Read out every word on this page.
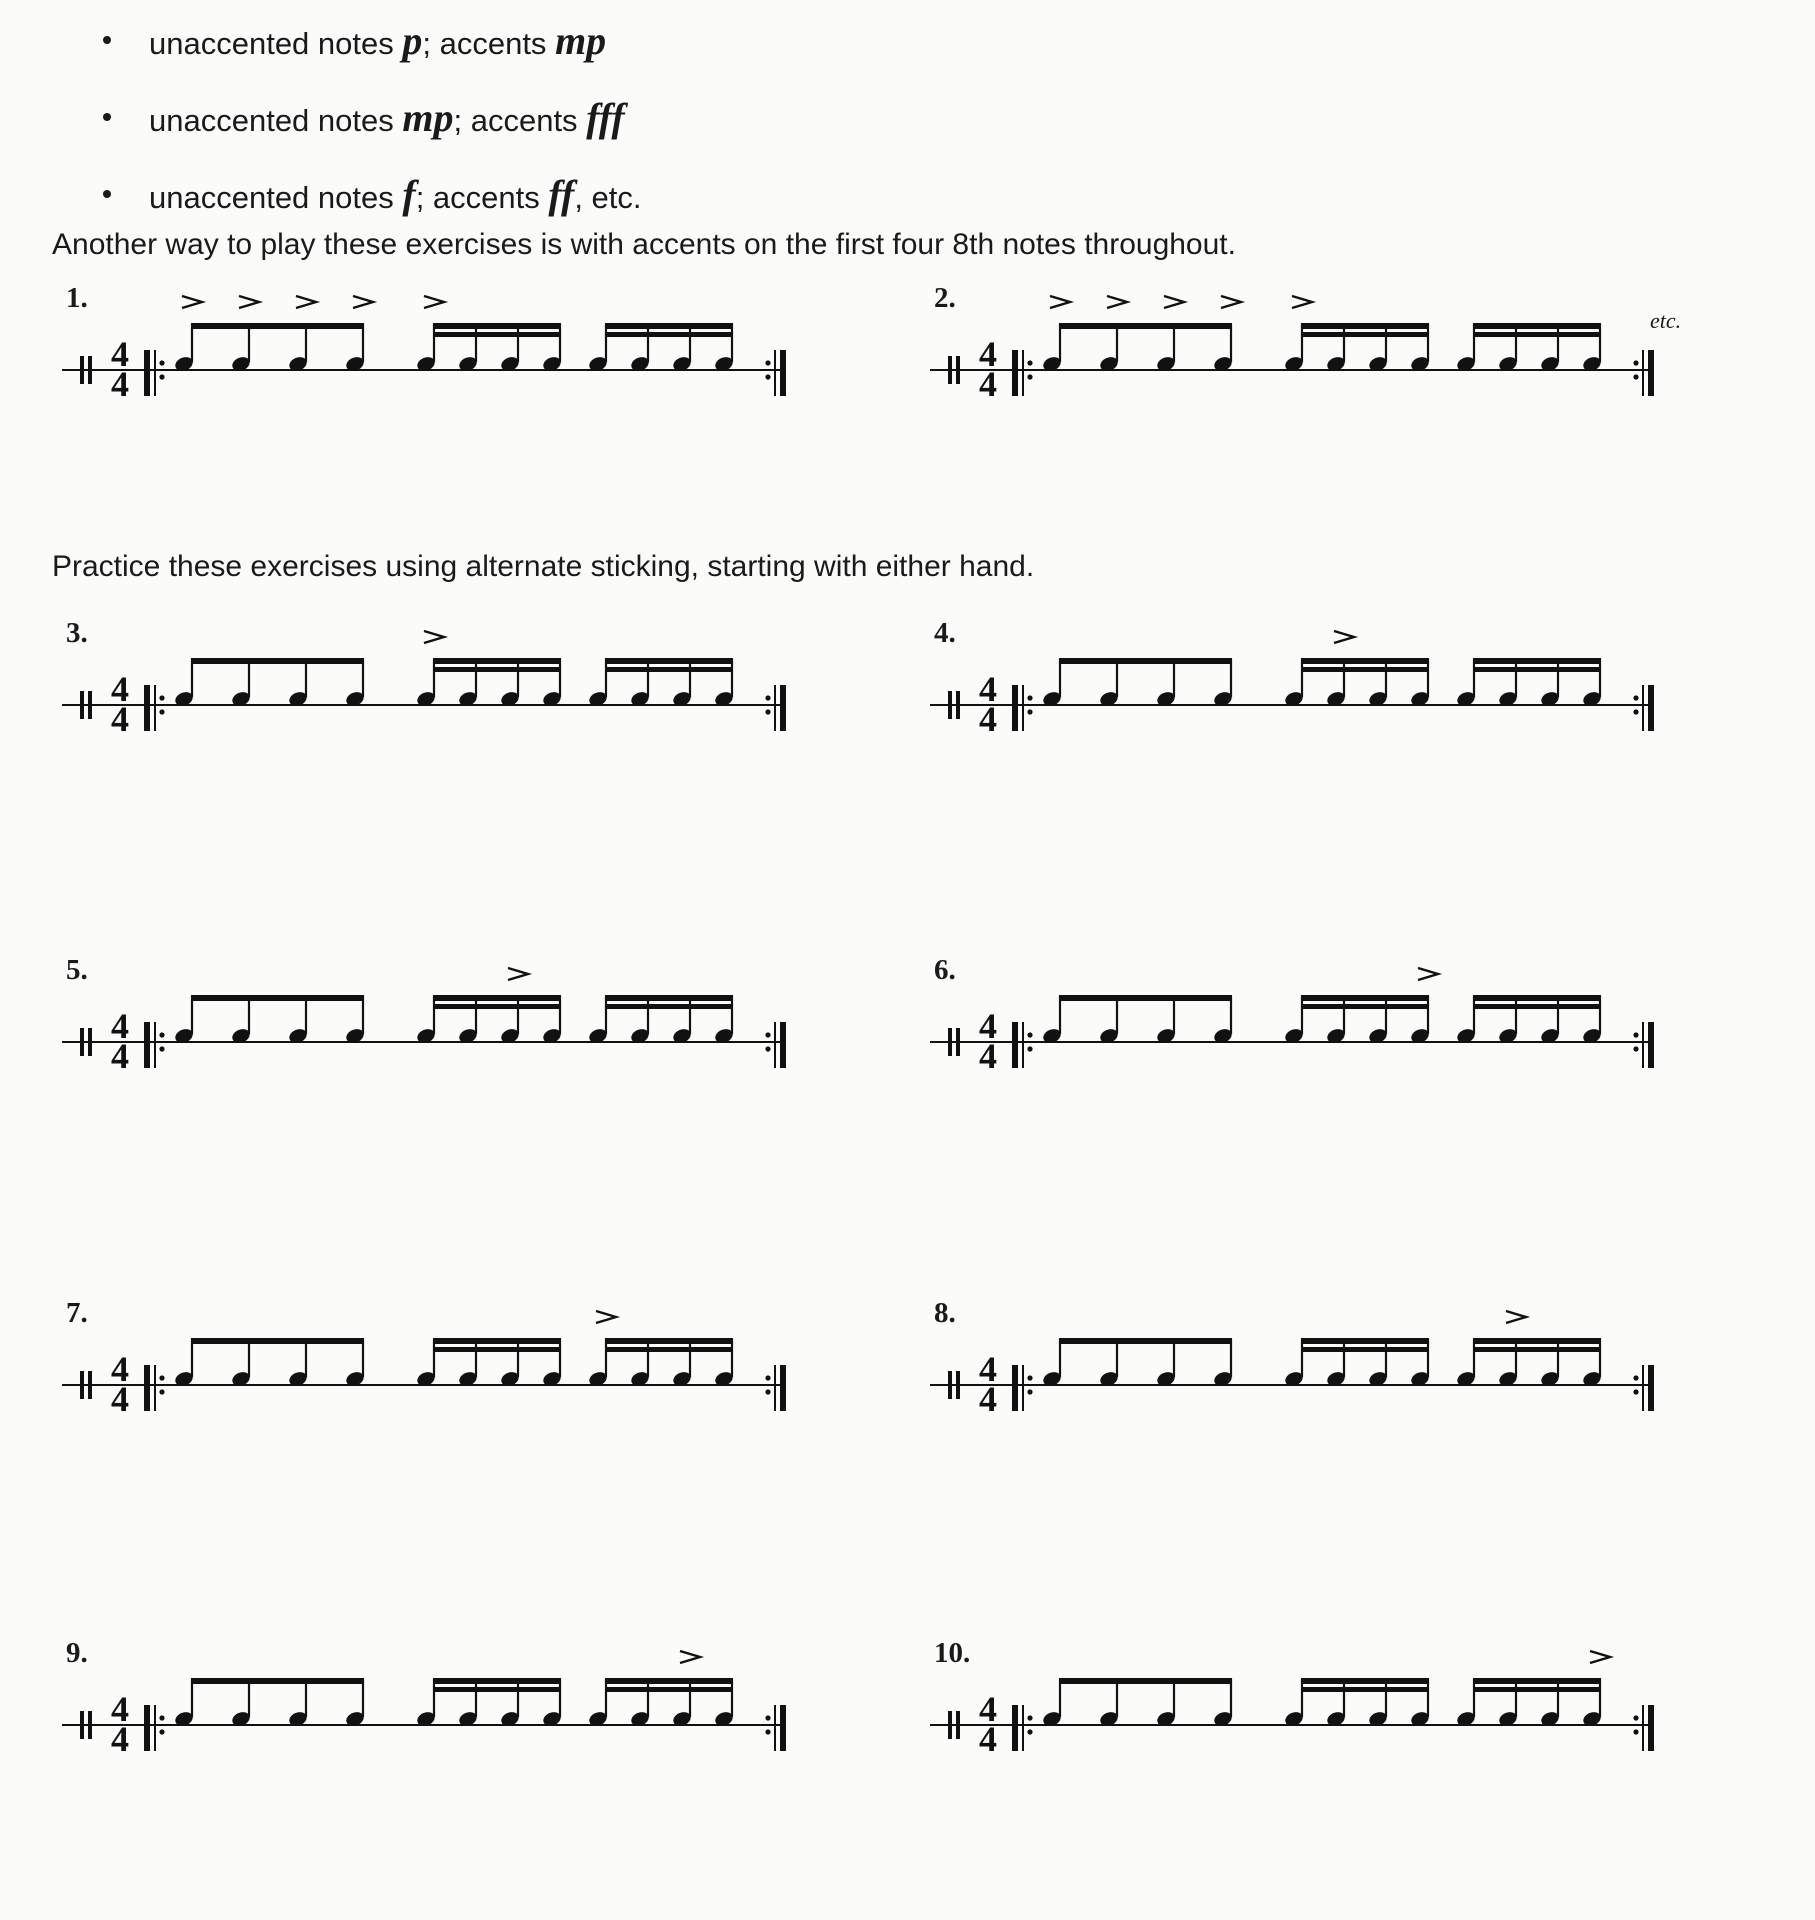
unaccented notes p; accents mp
unaccented notes mp; accents fff
unaccented notes f; accents ff, etc.
Another way to play these exercises is with accents on the first four 8th notes throughout.
Practice these exercises using alternate sticking, starting with either hand.
etc.
1.
4
4
2.
4
4
3.
4
4
4.
4
4
5.
4
4
6.
4
4
7.
4
4
8.
4
4
9.
4
4
10.
4
4
